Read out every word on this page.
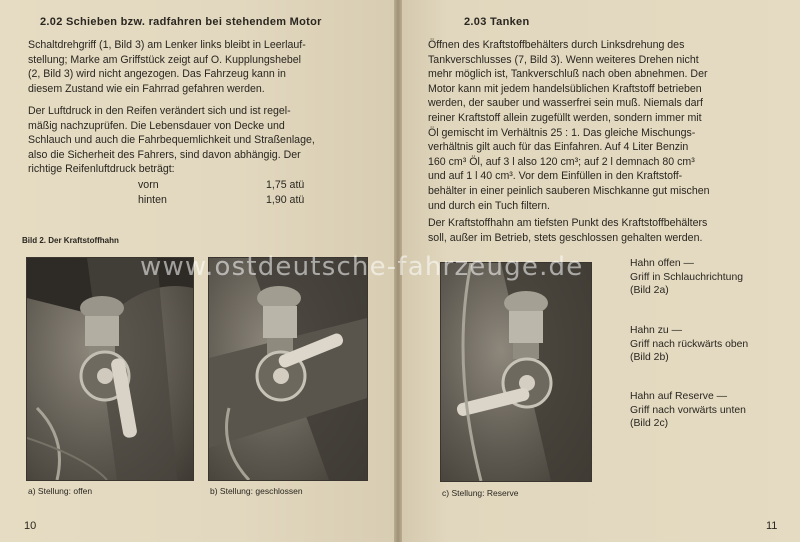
2.02 Schieben bzw. radfahren bei stehendem Motor
Schaltdrehgriff (1, Bild 3) am Lenker links bleibt in Leerlauf-
stellung; Marke am Griffstück zeigt auf O. Kupplungshebel
(2, Bild 3) wird nicht angezogen. Das Fahrzeug kann in
diesem Zustand wie ein Fahrrad gefahren werden.
Der Luftdruck in den Reifen verändert sich und ist regel-
mäßig nachzuprüfen. Die Lebensdauer von Decke und
Schlauch und auch die Fahrbequemlichkeit und Straßenlage,
also die Sicherheit des Fahrers, sind davon abhängig. Der
richtige Reifenluftdruck beträgt:
vorn	1,75 atü
hinten	1,90 atü
Bild 2. Der Kraftstoffhahn
a) Stellung: offen	b) Stellung: geschlossen
10
2.03 Tanken
Öffnen des Kraftstoffbehälters durch Linksdrehung des
Tankverschlusses (7, Bild 3). Wenn weiteres Drehen nicht
mehr möglich ist, Tankverschluß nach oben abnehmen. Der
Motor kann mit jedem handelsüblichen Kraftstoff betrieben
werden, der sauber und wasserfrei sein muß. Niemals darf
reiner Kraftstoff allein zugefüllt werden, sondern immer mit
Öl gemischt im Verhältnis 25 : 1. Das gleiche Mischungs-
verhältnis gilt auch für das Einfahren. Auf 4 Liter Benzin
160 cm³ Öl, auf 3 l also 120 cm³; auf 2 l demnach 80 cm³
und auf 1 l 40 cm³. Vor dem Einfüllen in den Kraftstoff-
behälter in einer peinlich sauberen Mischkanne gut mischen
und durch ein Tuch filtern.
Der Kraftstoffhahn am tiefsten Punkt des Kraftstoffbehälters
soll, außer im Betrieb, stets geschlossen gehalten werden.
c) Stellung: Reserve
Hahn offen —
Griff in Schlauchrichtung
(Bild 2a)
Hahn zu —
Griff nach rückwärts oben
(Bild 2b)
Hahn auf Reserve —
Griff nach vorwärts unten
(Bild 2c)
11
www.ostdeutsche-fahrzeuge.de
